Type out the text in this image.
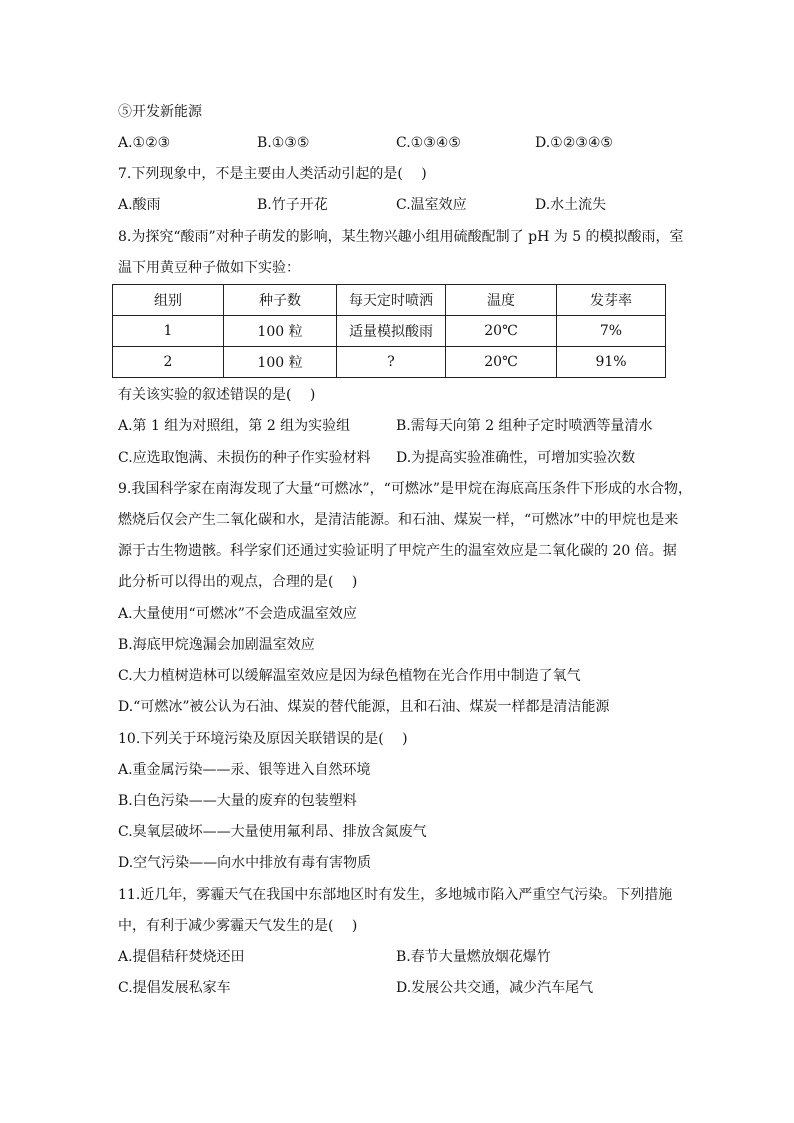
⑤开发新能源
A.①②③	B.①③⑤	C.①③④⑤	D.①②③④⑤
7.下列现象中，不是主要由人类活动引起的是(　 )
A.酸雨	B.竹子开花	C.温室效应	D.水土流失
8.为探究“酸雨”对种子萌发的影响，某生物兴趣小组用硫酸配制了 pH 为 5 的模拟酸雨，室
温下用黄豆种子做如下实验：
组别	种子数	每天定时喷洒	温度	发芽率
1	100 粒	适量模拟酸雨	20℃	7%
2	100 粒	?	20℃	91%
有关该实验的叙述错误的是(　 )
A.第 1 组为对照组，第 2 组为实验组	B.需每天向第 2 组种子定时喷洒等量清水
C.应选取饱满、未损伤的种子作实验材料 D.为提高实验准确性，可增加实验次数
9.我国科学家在南海发现了大量“可燃冰”，“可燃冰”是甲烷在海底高压条件下形成的水合物，
燃烧后仅会产生二氧化碳和水，是清洁能源。和石油、煤炭一样，“可燃冰”中的甲烷也是来
源于古生物遗骸。科学家们还通过实验证明了甲烷产生的温室效应是二氧化碳的 20 倍。据
此分析可以得出的观点，合理的是(　 )
A.大量使用“可燃冰”不会造成温室效应
B.海底甲烷逸漏会加剧温室效应
C.大力植树造林可以缓解温室效应是因为绿色植物在光合作用中制造了氧气
D.“可燃冰”被公认为石油、煤炭的替代能源，且和石油、煤炭一样都是清洁能源
10.下列关于环境污染及原因关联错误的是(　 )
A.重金属污染——汞、银等进入自然环境
B.白色污染——大量的废弃的包装塑料
C.臭氧层破坏——大量使用氟利昂、排放含氮废气
D.空气污染——向水中排放有毒有害物质
11.近几年，雾霾天气在我国中东部地区时有发生，多地城市陷入严重空气污染。下列措施
中，有利于减少雾霾天气发生的是(　 )
A.提倡秸秆焚烧还田	B.春节大量燃放烟花爆竹
C.提倡发展私家车	D.发展公共交通，减少汽车尾气
